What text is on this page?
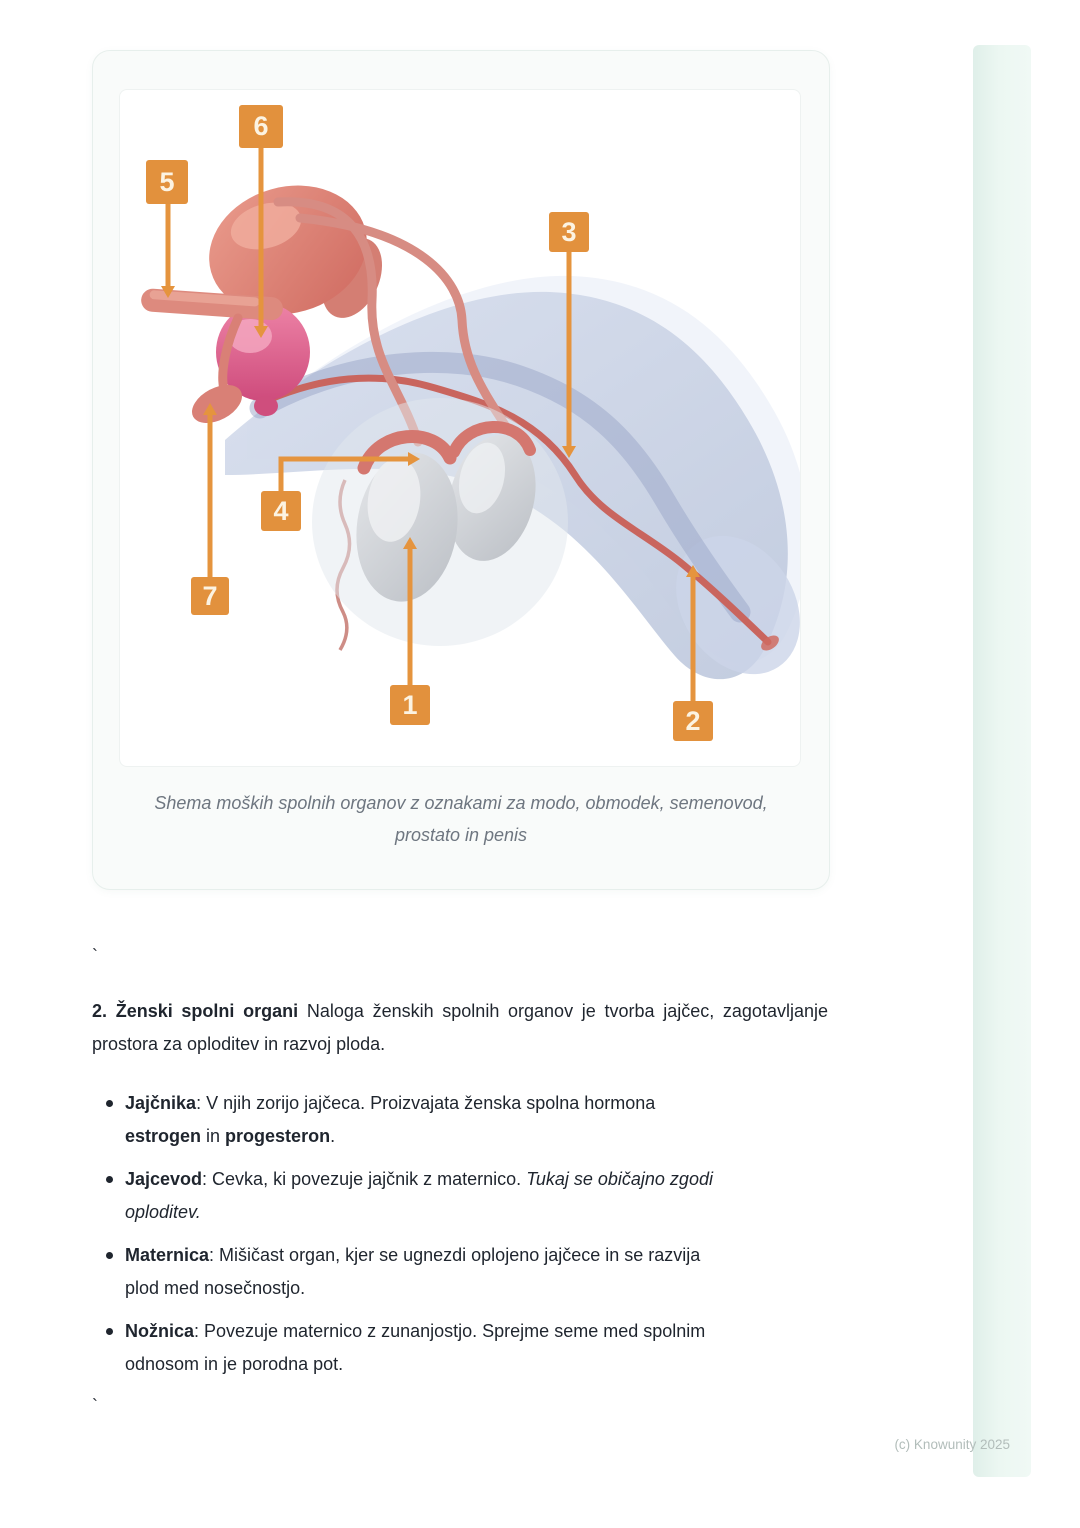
1
2
3
4
5
6
7
Shema moških spolnih organov z oznakami za modo, obmodek, semenovod, prostato in penis
`

2. Ženski spolni organi Naloga ženskih spolnih organov je tvorba jajčec, zagotavljanje prostora za oploditev in razvoj ploda.

Jajčnika: V njih zorijo jajčeca. Proizvajata ženska spolna hormona
estrogen in progesteron.
Jajcevod: Cevka, ki povezuje jajčnik z maternico. Tukaj se običajno zgodi
oploditev.
Maternica: Mišičast organ, kjer se ugnezdi oplojeno jajčece in se razvija
plod med nosečnostjo.
Nožnica: Povezuje maternico z zunanjostjo. Sprejme seme med spolnim
odnosom in je porodna pot.
`
(c) Knowunity 2025
